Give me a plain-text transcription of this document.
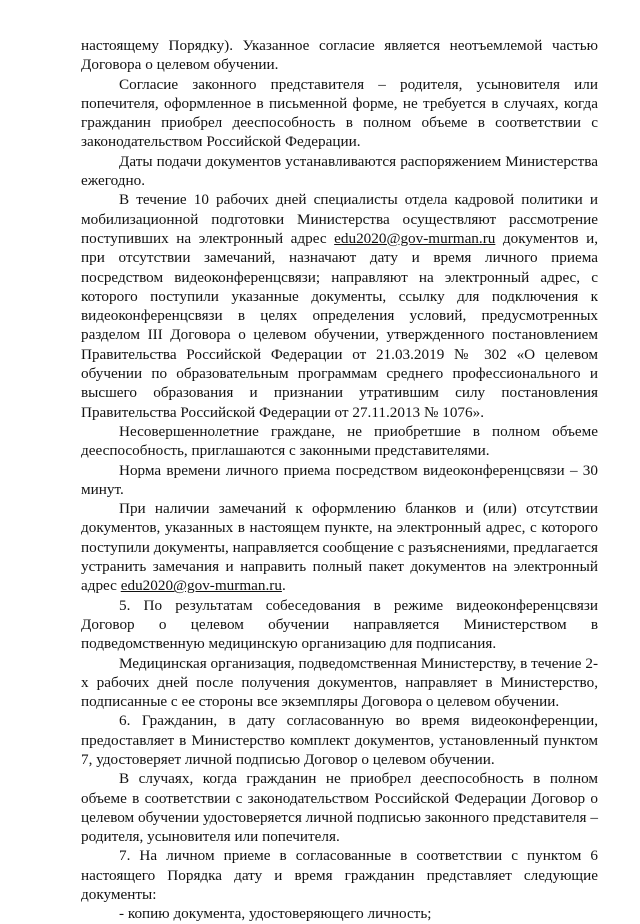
настоящему Порядку). Указанное согласие является неотъемлемой частью Договора о целевом обучении.

Согласие законного представителя – родителя, усыновителя или попечителя, оформленное в письменной форме, не требуется в случаях, когда гражданин приобрел дееспособность в полном объеме в соответствии с законодательством Российской Федерации.

Даты подачи документов устанавливаются распоряжением Министерства ежегодно.

В течение 10 рабочих дней специалисты отдела кадровой политики и мобилизационной подготовки Министерства осуществляют рассмотрение поступивших на электронный адрес edu2020@gov-murman.ru документов и, при отсутствии замечаний, назначают дату и время личного приема посредством видеоконференцсвязи; направляют на электронный адрес, с которого поступили указанные документы, ссылку для подключения к видеоконференцсвязи в целях определения условий, предусмотренных разделом III Договора о целевом обучении, утвержденного постановлением Правительства Российской Федерации от 21.03.2019 № 302 «О целевом обучении по образовательным программам среднего профессионального и высшего образования и признании утратившим силу постановления Правительства Российской Федерации от 27.11.2013 № 1076».

Несовершеннолетние граждане, не приобретшие в полном объеме дееспособность, приглашаются с законными представителями.

Норма времени личного приема посредством видеоконференцсвязи – 30 минут.

При наличии замечаний к оформлению бланков и (или) отсутствии документов, указанных в настоящем пункте, на электронный адрес, с которого поступили документы, направляется сообщение с разъяснениями, предлагается устранить замечания и направить полный пакет документов на электронный адрес edu2020@gov-murman.ru.

5. По результатам собеседования в режиме видеоконференцсвязи Договор о целевом обучении направляется Министерством в подведомственную медицинскую организацию для подписания.

Медицинская организация, подведомственная Министерству, в течение 2-х рабочих дней после получения документов, направляет в Министерство, подписанные с ее стороны все экземпляры Договора о целевом обучении.

6. Гражданин, в дату согласованную во время видеоконференции, предоставляет в Министерство комплект документов, установленный пунктом 7, удостоверяет личной подписью Договор о целевом обучении.

В случаях, когда гражданин не приобрел дееспособность в полном объеме в соответствии с законодательством Российской Федерации Договор о целевом обучении удостоверяется личной подписью законного представителя – родителя, усыновителя или попечителя.

7. На личном приеме в согласованные в соответствии с пунктом 6 настоящего Порядка дату и время гражданин представляет следующие документы:

- копию документа, удостоверяющего личность;
